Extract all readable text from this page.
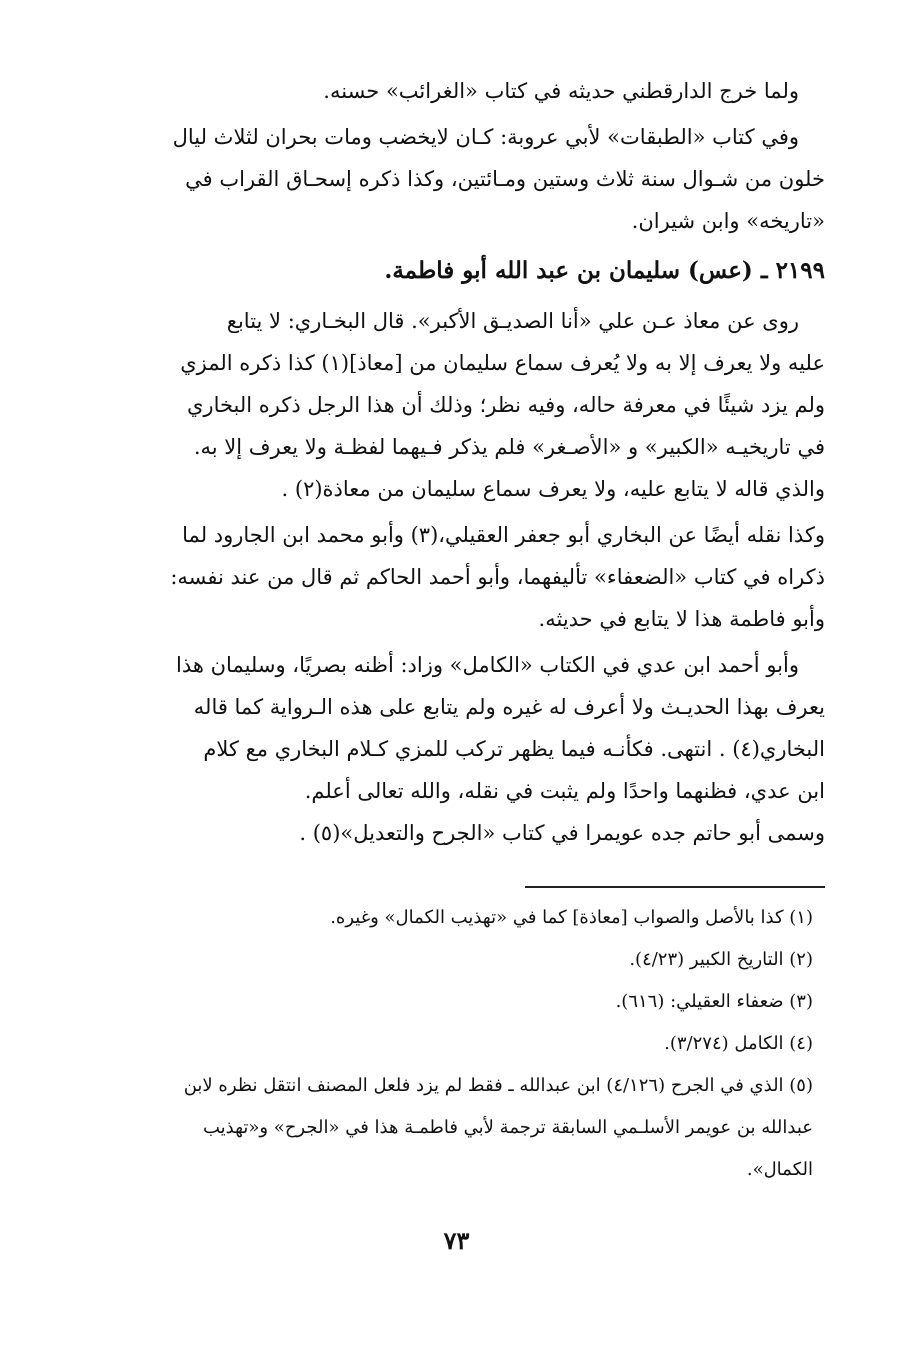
ولما خرج الدارقطني حديثه في كتاب «الغرائب» حسنه.
وفي كتاب «الطبقات» لأبي عروبة: كـان لايخضب ومات بحران لثلاث ليال
خلون من شـوال سنة ثلاث وستين ومـائتين، وكذا ذكره إسحـاق القراب في
«تاريخه» وابن شيران.
٢١٩٩ ـ (عس) سليمان بن عبد الله أبو فاطمة.
روى عن معاذ عـن علي «أنا الصديـق الأكبر». قال البخـاري: لا يتابع
عليه ولا يعرف إلا به ولا يُعرف سماع سليمان من [معاذ](١) كذا ذكره المزي
ولم يزد شيئًا في معرفة حاله، وفيه نظر؛ وذلك أن هذا الرجل ذكره البخاري
في تاريخيـه «الكبير» و «الأصـغر» فلم يذكر فـيهما لفظـة ولا يعرف إلا به.
والذي قاله لا يتابع عليه، ولا يعرف سماع سليمان من معاذة(٢) .
وكذا نقله أيضًا عن البخاري أبو جعفر العقيلي،(٣) وأبو محمد ابن الجارود لما
ذكراه في كتاب «الضعفاء» تأليفهما، وأبو أحمد الحاكم ثم قال من عند نفسه:
وأبو فاطمة هذا لا يتابع في حديثه.
وأبو أحمد ابن عدي في الكتاب «الكامل» وزاد: أظنه بصريًا، وسليمان هذا
يعرف بهذا الحديـث ولا أعرف له غيره ولم يتابع على هذه الـرواية كما قاله
البخاري(٤) . انتهى. فكأنـه فيما يظهر تركب للمزي كـلام البخاري مع كلام
ابن عدي، فظنهما واحدًا ولم يثبت في نقله، والله تعالى أعلم.
وسمى أبو حاتم جده عويمرا في كتاب «الجرح والتعديل»(٥) .
(١) كذا بالأصل والصواب [معاذة] كما في «تهذيب الكمال» وغيره.
(٢) التاريخ الكبير (٤/٢٣).
(٣) ضعفاء العقيلي: (٦١٦).
(٤) الكامل (٣/٢٧٤).
(٥) الذي في الجرح (٤/١٢٦) ابن عبدالله ـ فقط لم يزد فلعل المصنف انتقل نظره لابن
عبدالله بن عويمر الأسلـمي السابقة ترجمة لأبي فاطمـة هذا في «الجرح» و«تهذيب
الكمال».
٧٣
